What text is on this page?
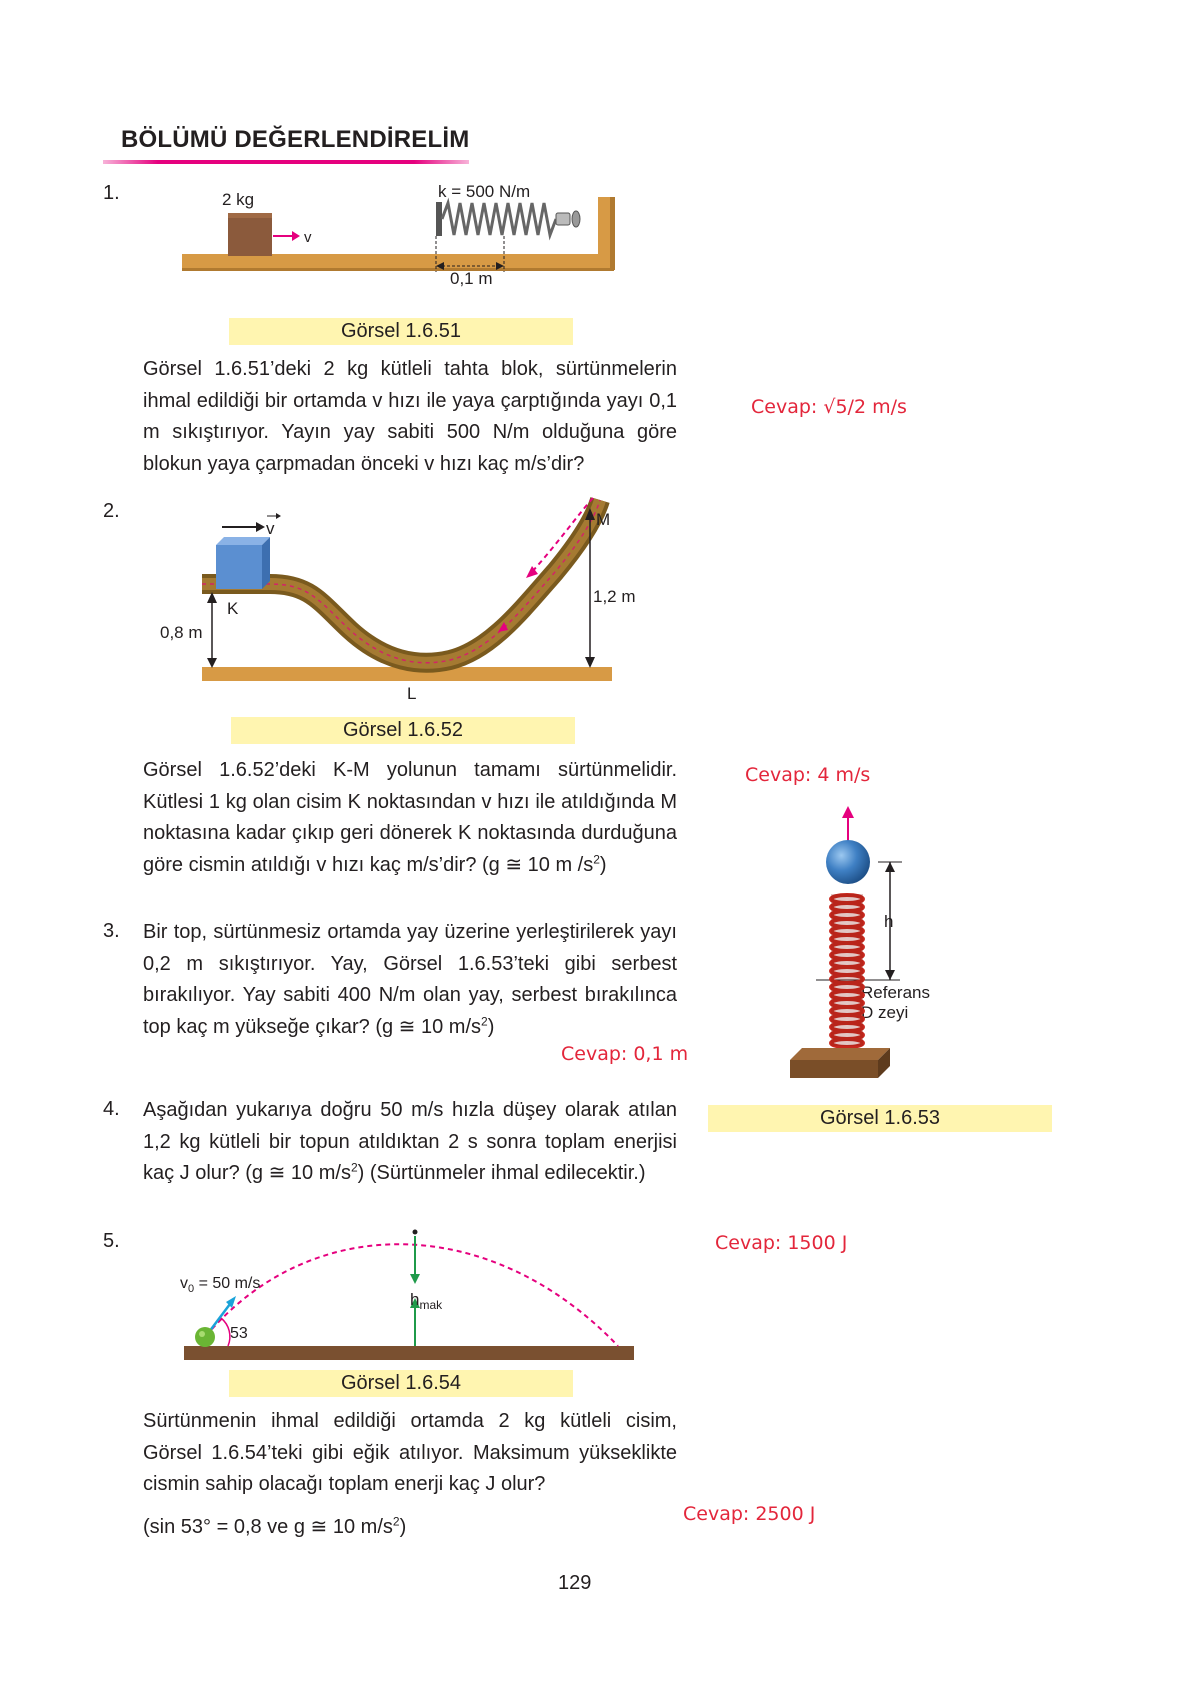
BÖLÜMÜ DEĞERLENDİRELİM
1.
v
2 kg	k = 500 N/m
0,1 m
Görsel 1.6.51
Görsel 1.6.51’deki 2 kg kütleli tahta blok, sürtünmelerin ihmal edildiği bir ortamda v hızı ile yaya çarptığında yayı 0,1 m sıkıştırıyor. Yayın yay sabiti 500 N/m olduğuna göre blokun yaya çarpmadan önceki v hızı kaç m/s’dir?
Cevap: √5/2 m/s
2.
v
K
0,8 m
M
1,2 m
L
Görsel 1.6.52
Görsel 1.6.52’deki K-M yolunun tamamı sürtünmelidir. Kütlesi 1 kg olan cisim K noktasından v hızı ile atıldığında M noktasına kadar çıkıp geri dönerek K noktasında durduğuna göre cismin atıldığı v hızı kaç m/s’dir? (g ≅ 10 m $/s^2$)
Cevap: 4 m/s
3. Bir top, sürtünmesiz ortamda yay üzerine yerleştirilerek yayı 0,2 m sıkıştırıyor. Yay, Görsel 1.6.53’teki gibi serbest bırakılıyor. Yay sabiti 400 N/m olan yay, serbest bırakılınca top kaç m yükseğe çıkar? (g ≅ 10 $m/s^2$)
Cevap: 0,1 m
h
Referans
D zeyi
Görsel 1.6.53
4. Aşağıdan yukarıya doğru 50 m/s hızla düşey olarak atılan 1,2 kg kütleli bir topun atıldıktan 2 s sonra toplam enerjisi kaç J olur? (g ≅ 10 $m/s^2$) (Sürtünmeler ihmal edilecektir.)
Cevap: 1500 J
5.
$h_{mak}$
53
$v_0 = 50$ m/s
Görsel 1.6.54
Sürtünmenin ihmal edildiği ortamda 2 kg kütleli cisim, Görsel 1.6.54’teki gibi eğik atılıyor. Maksimum yükseklikte cismin sahip olacağı toplam enerji kaç J olur?
(sin 53° = 0,8 ve g ≅ 10 $m/s^2$)
Cevap: 2500 J
129
